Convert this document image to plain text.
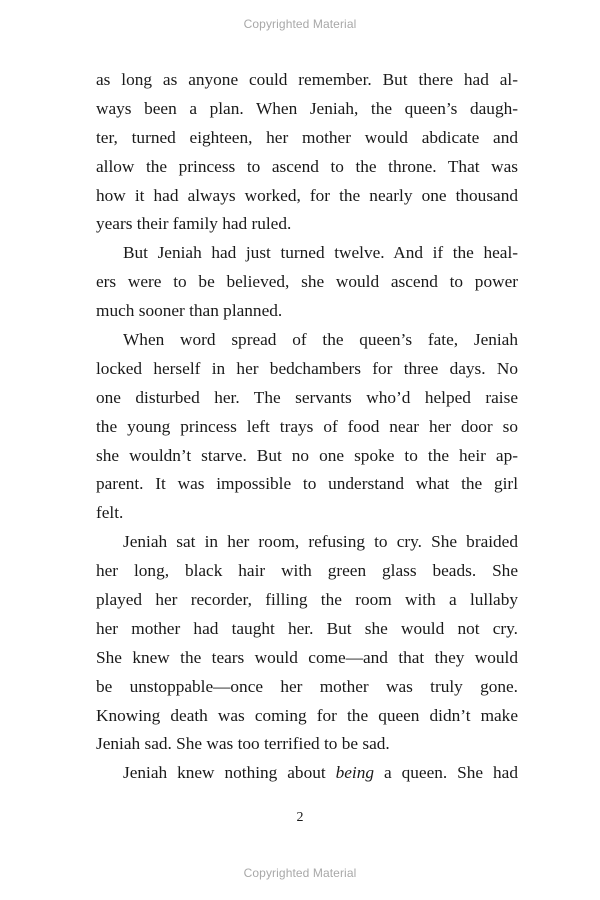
Copyrighted Material
as long as anyone could remember. But there had al-
ways been a plan. When Jeniah, the queen’s daugh-
ter, turned eighteen, her mother would abdicate and
allow the princess to ascend to the throne. That was
how it had always worked, for the nearly one thousand
years their family had ruled.
But Jeniah had just turned twelve. And if the heal-
ers were to be believed, she would ascend to power
much sooner than planned.
When word spread of the queen’s fate, Jeniah
locked herself in her bedchambers for three days. No
one disturbed her. The servants who’d helped raise
the young princess left trays of food near her door so
she wouldn’t starve. But no one spoke to the heir ap-
parent. It was impossible to understand what the girl
felt.
Jeniah sat in her room, refusing to cry. She braided
her long, black hair with green glass beads. She
played her recorder, filling the room with a lullaby
her mother had taught her. But she would not cry.
She knew the tears would come—and that they would
be unstoppable—once her mother was truly gone.
Knowing death was coming for the queen didn’t make
Jeniah sad. She was too terrified to be sad.
Jeniah knew nothing about being a queen. She had
2
Copyrighted Material
